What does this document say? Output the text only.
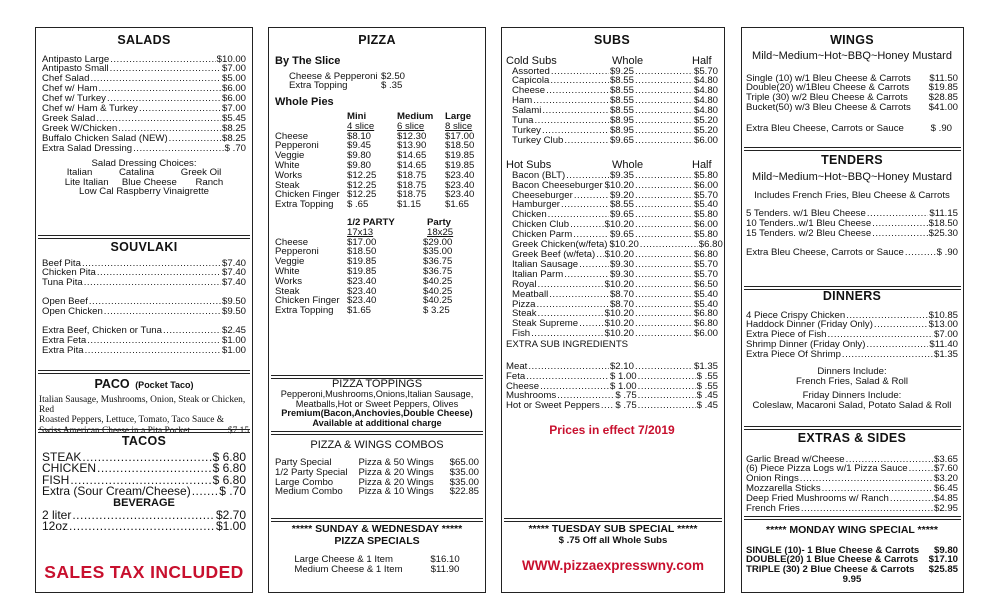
SALADS
Antipasto Large .....	$10.00
Antipasto Small .....	$7.00
Chef Salad .....	$5.00
Chef w/ Ham .....	$6.00
Chef w/ Turkey .....	$6.00
Chef w/ Ham & Turkey .....	$7.00
Greek Salad .....	$5.45
Greek W/Chicken .....	$8.25
Buffalo Chicken Salad (NEW) .....	$8.25
Extra Salad Dressing .....	$ .70
Salad Dressing Choices:
Italian          Catalina          Greek Oil
Lite Italian     Blue Cheese       Ranch
Low Cal Raspberry Vinaigrette
SOUVLAKI
Beef Pita .....	$7.40
Chicken Pita .....	$7.40
Tuna Pita .....	$7.40
Open Beef .....	$9.50
Open Chicken .....	$9.50
Extra Beef, Chicken or Tuna .....	$2.45
Extra Feta .....	$1.00
Extra Pita .....	$1.00
PACO (Pocket Taco)
Italian Sausage, Mushrooms, Onion, Steak or Chicken, Red
Roasted Peppers, Lettuce, Tomato, Taco Sauce &
Swiss American Cheese in a Pita Pocket	$7.15
TACOS
STEAK .....	$ 6.80
CHICKEN .....	$ 6.80
FISH .....	$ 6.80
Extra (Sour Cream/Cheese) ..... $ .70
BEVERAGE
2 liter .....	$2.70
12oz .....	$1.00
SALES TAX INCLUDED
PIZZA
By The Slice
Cheese & Pepperoni	$2.50
Extra Topping	$ .35
Whole Pies
	Mini	Medium	Large
	4 slice	6 slice	8 slice
Cheese	$8.10	$12.30	$17.00
Pepperoni	$9.45	$13.90	$18.50
Veggie	$9.80	$14.65	$19.85
White	$9.80	$14.65	$19.85
Works	$12.25	$18.75	$23.40
Steak	$12.25	$18.75	$23.40
Chicken Finger	$12.25	$18.75	$23.40
Extra Topping	$ .65	$1.15	$1.65
	1/2 PARTY	Party
	17x13	18x25
Cheese	$17.00	$29.00
Pepperoni	$18.50	$35.00
Veggie	$19.85	$36.75
White	$19.85	$36.75
Works	$23.40	$40.25
Steak	$23.40	$40.25
Chicken Finger	$23.40	$40.25
Extra Topping	$1.65	$ 3.25
PIZZA TOPPINGS
Pepperoni,Mushrooms,Onions,Italian Sausage,
Meatballs,Hot or Sweet Peppers, Olives
Premium(Bacon,Anchovies,Double Cheese)
Available at additional charge
PIZZA & WINGS COMBOS
Party Special	Pizza & 50 Wings	$65.00
1/2 Party Special	Pizza & 20 Wings	$35.00
Large Combo	Pizza & 20 Wings	$35.00
Medium Combo	Pizza & 10 Wings	$22.85
***** SUNDAY & WEDNESDAY *****
PIZZA SPECIALS
Large Cheese & 1 Item	$16.10
Medium Cheese & 1 Item	$11.90
SUBS
Cold Subs	Whole	Half
Assorted .....	$9.25 .....	$5.70
Capicola .....	$8.55 .....	$4.80
Cheese .....	$8.55 .....	$4.80
Ham .....	$8.55 .....	$4.80
Salami .....	$8.55 .....	$4.80
Tuna .....	$8.95 .....	$5.20
Turkey .....	$8.95 .....	$5.20
Turkey Club .....	$9.65 .....	$6.00
Hot Subs	Whole	Half
Bacon (BLT) .....	$9.35 .....	$5.80
Bacon Cheeseburger $10.20 .....	$6.00
Cheeseburger .....	$9.20 .....	$5.70
Hamburger .....	$8.55 .....	$5.40
Chicken .....	$9.65 .....	$5.80
Chicken Club .....	$10.20 .....	$6.00
Chicken Parm .....	$9.65 .....	$5.80
Greek Chicken(w/feta) $10.20 .....	$6.80
Greek Beef (w/feta) ..... $10.20 .....	$6.80
Italian Sausage .....	$9.30 .....	$5.70
Italian Parm .....	$9.30 .....	$5.70
Royal .....	$10.20 .....	$6.50
Meatball .....	$8.70 .....	$5.40
Pizza .....	$8.70 .....	$5.40
Steak .....	$10.20 .....	$6.80
Steak Supreme .....	$10.20 .....	$6.80
Fish .....	$10.20 .....	$6.00
EXTRA SUB INGREDIENTS
Meat .....	$2.10 .....	$1.35
Feta .....	$ 1.00 .....	$ .55
Cheese .....	$ 1.00 .....	$ .55
Mushrooms .....	$ .75 .....	$ .45
Hot or Sweet Peppers ..... $ .75 .....	$ .45
Prices in effect 7/2019
***** TUESDAY SUB SPECIAL *****
$ .75 Off all Whole Subs
WWW.pizzaexpresswny.com
WINGS
Mild~Medium~Hot~BBQ~Honey Mustard
Single (10) w/1 Bleu Cheese & Carrots $11.50
Double(20) w/1Bleu Cheese & Carrots $19.85
Triple (30) w/2 Bleu Cheese & Carrots $28.85
Bucket(50) w/3 Bleu Cheese & Carrots $41.00
Extra Bleu Cheese, Carrots or Sauce	$ .90
TENDERS
Mild~Medium~Hot~BBQ~Honey Mustard
Includes French Fries, Bleu Cheese & Carrots
5 Tenders. w/1 Bleu Cheese .....	$11.15
10 Tenders..w/1 Bleu Cheese .....	$18.50
15 Tenders. w/2 Bleu Cheese .....	$25.30
Extra Bleu Cheese, Carrots or Sauce .....	$ .90
DINNERS
4 Piece Crispy Chicken .....	$10.85
Haddock Dinner (Friday Only) .....	$13.00
Extra Piece of Fish .....	$7.00
Shrimp Dinner (Friday Only) .....	$11.40
Extra Piece Of Shrimp .....	$1.35
Dinners Include:
French Fries, Salad & Roll
Friday Dinners Include:
Coleslaw, Macaroni Salad, Potato Salad & Roll
EXTRAS & SIDES
Garlic Bread w/Cheese .....	$3.65
(6) Piece Pizza Logs w/1 Pizza Sauce .....	$7.60
Onion Rings .....	$3.20
Mozzarella Sticks .....	$6.45
Deep Fried Mushrooms w/ Ranch .....	$4.85
French Fries .....	$2.95
***** MONDAY WING SPECIAL *****
SINGLE (10)- 1 Blue Cheese & Carrots $9.80
DOUBLE(20) 1 Blue Cheese & Carrots $17.10
TRIPLE (30) 2 Blue Cheese & Carrots $25.85
9.95
